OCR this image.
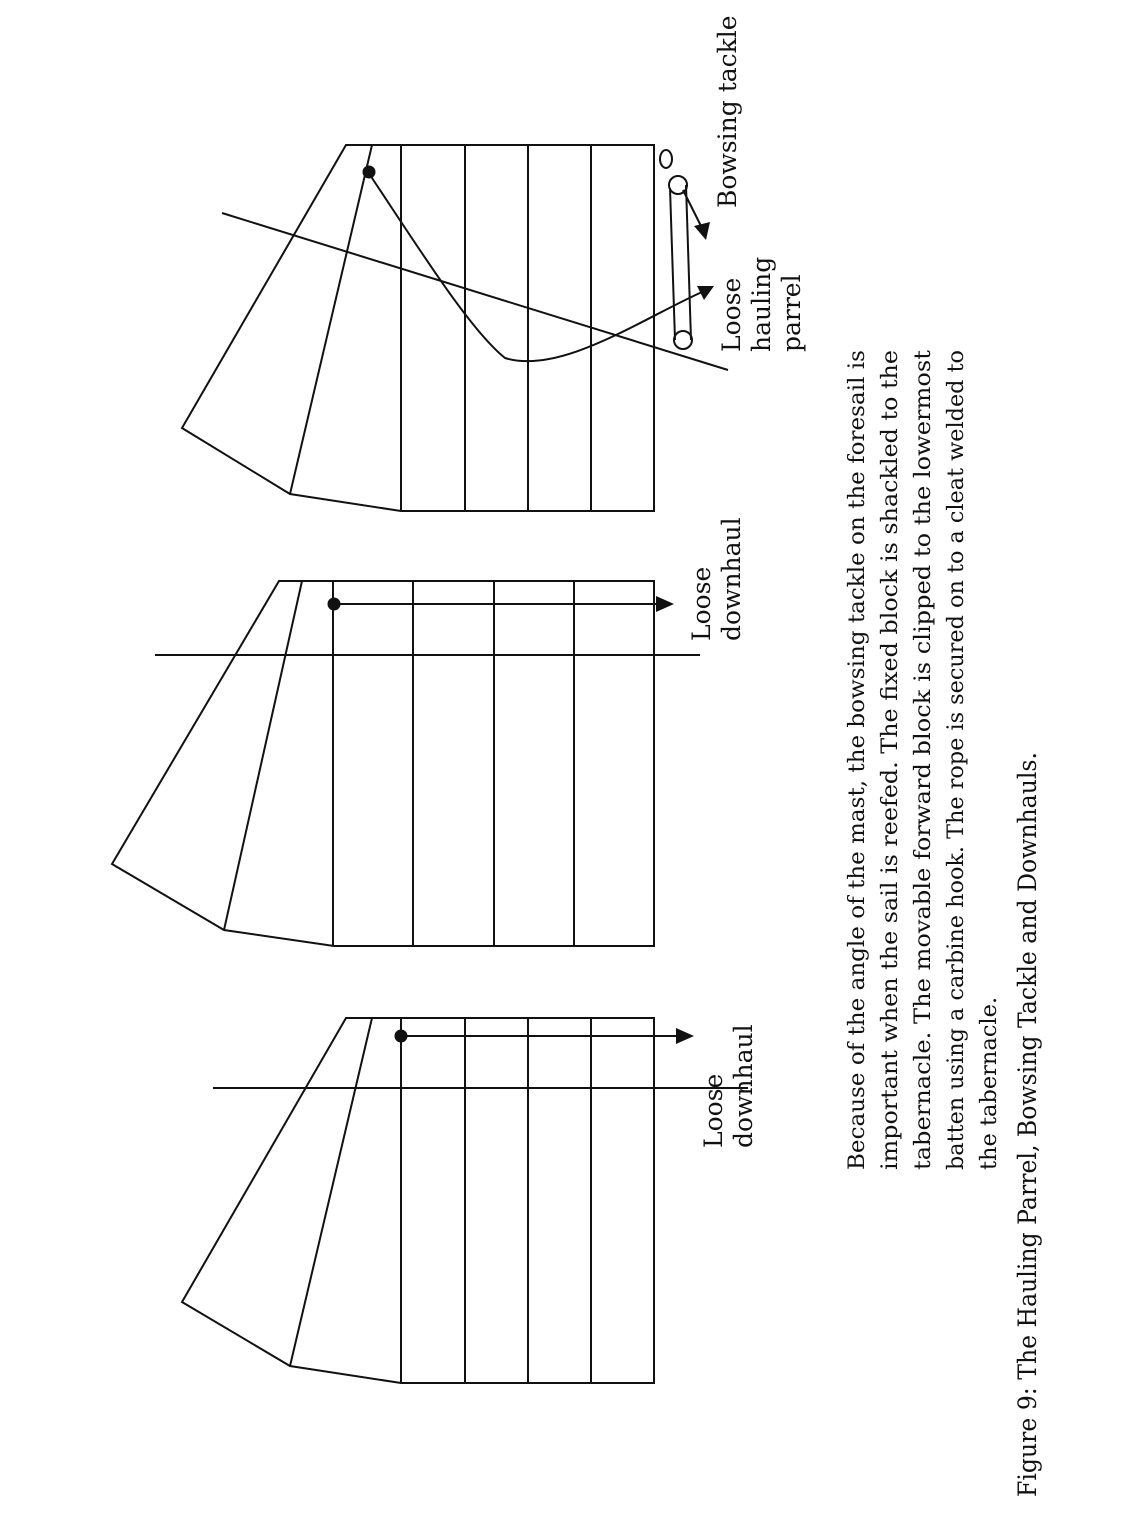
Loose downhaul
Loose downhaul
Bowsing tackle
Loose hauling parrel
Because of the angle of the mast, the bowsing tackle on the foresail is important when the sail is reefed. The fixed block is shackled to the tabernacle. The movable forward block is clipped to the lowermost batten using a carbine hook. The rope is secured on to a cleat welded to the tabernacle. Figure 9: The Hauling Parrel, Bowsing Tackle and Downhauls.
